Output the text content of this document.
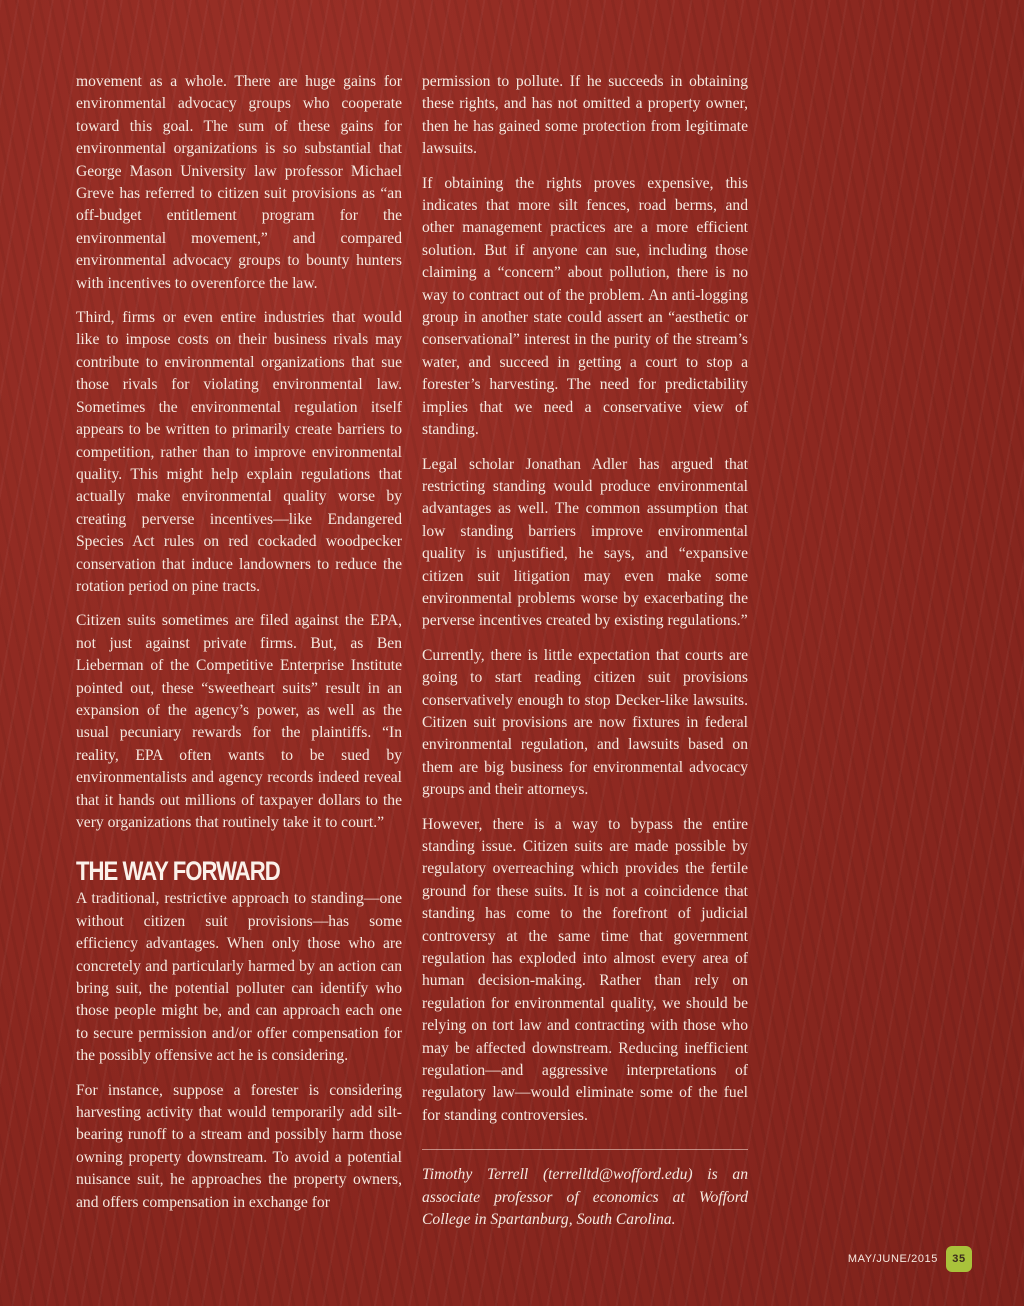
movement as a whole. There are huge gains for environmental advocacy groups who cooperate toward this goal. The sum of these gains for environmental organizations is so substantial that George Mason University law professor Michael Greve has referred to citizen suit provisions as “an off-budget entitlement program for the environmental movement,” and compared environmental advocacy groups to bounty hunters with incentives to overenforce the law.

Third, firms or even entire industries that would like to impose costs on their business rivals may contribute to environmental organizations that sue those rivals for violating environmental law. Sometimes the environmental regulation itself appears to be written to primarily create barriers to competition, rather than to improve environmental quality. This might help explain regulations that actually make environmental quality worse by creating perverse incentives—like Endangered Species Act rules on red cockaded woodpecker conservation that induce landowners to reduce the rotation period on pine tracts.

Citizen suits sometimes are filed against the EPA, not just against private firms. But, as Ben Lieberman of the Competitive Enterprise Institute pointed out, these “sweetheart suits” result in an expansion of the agency’s power, as well as the usual pecuniary rewards for the plaintiffs. “In reality, EPA often wants to be sued by environmentalists and agency records indeed reveal that it hands out millions of taxpayer dollars to the very organizations that routinely take it to court.”

THE WAY FORWARD

A traditional, restrictive approach to standing—one without citizen suit provisions—has some efficiency advantages. When only those who are concretely and particularly harmed by an action can bring suit, the potential polluter can identify who those people might be, and can approach each one to secure permission and/or offer compensation for the possibly offensive act he is considering.

For instance, suppose a forester is considering harvesting activity that would temporarily add silt-bearing runoff to a stream and possibly harm those owning property downstream. To avoid a potential nuisance suit, he approaches the property owners, and offers compensation in exchange for

permission to pollute. If he succeeds in obtaining these rights, and has not omitted a property owner, then he has gained some protection from legitimate lawsuits.

If obtaining the rights proves expensive, this indicates that more silt fences, road berms, and other management practices are a more efficient solution. But if anyone can sue, including those claiming a “concern” about pollution, there is no way to contract out of the problem. An anti-logging group in another state could assert an “aesthetic or conservational” interest in the purity of the stream’s water, and succeed in getting a court to stop a forester’s harvesting. The need for predictability implies that we need a conservative view of standing.

Legal scholar Jonathan Adler has argued that restricting standing would produce environmental advantages as well. The common assumption that low standing barriers improve environmental quality is unjustified, he says, and “expansive citizen suit litigation may even make some environmental problems worse by exacerbating the perverse incentives created by existing regulations.”

Currently, there is little expectation that courts are going to start reading citizen suit provisions conservatively enough to stop Decker-like lawsuits. Citizen suit provisions are now fixtures in federal environmental regulation, and lawsuits based on them are big business for environmental advocacy groups and their attorneys.

However, there is a way to bypass the entire standing issue. Citizen suits are made possible by regulatory overreaching which provides the fertile ground for these suits. It is not a coincidence that standing has come to the forefront of judicial controversy at the same time that government regulation has exploded into almost every area of human decision-making. Rather than rely on regulation for environmental quality, we should be relying on tort law and contracting with those who may be affected downstream. Reducing inefficient regulation—and aggressive interpretations of regulatory law—would eliminate some of the fuel for standing controversies.

Timothy Terrell (terrelltd@wofford.edu) is an associate professor of economics at Wofford College in Spartanburg, South Carolina.

MAY/JUNE/2015	35
